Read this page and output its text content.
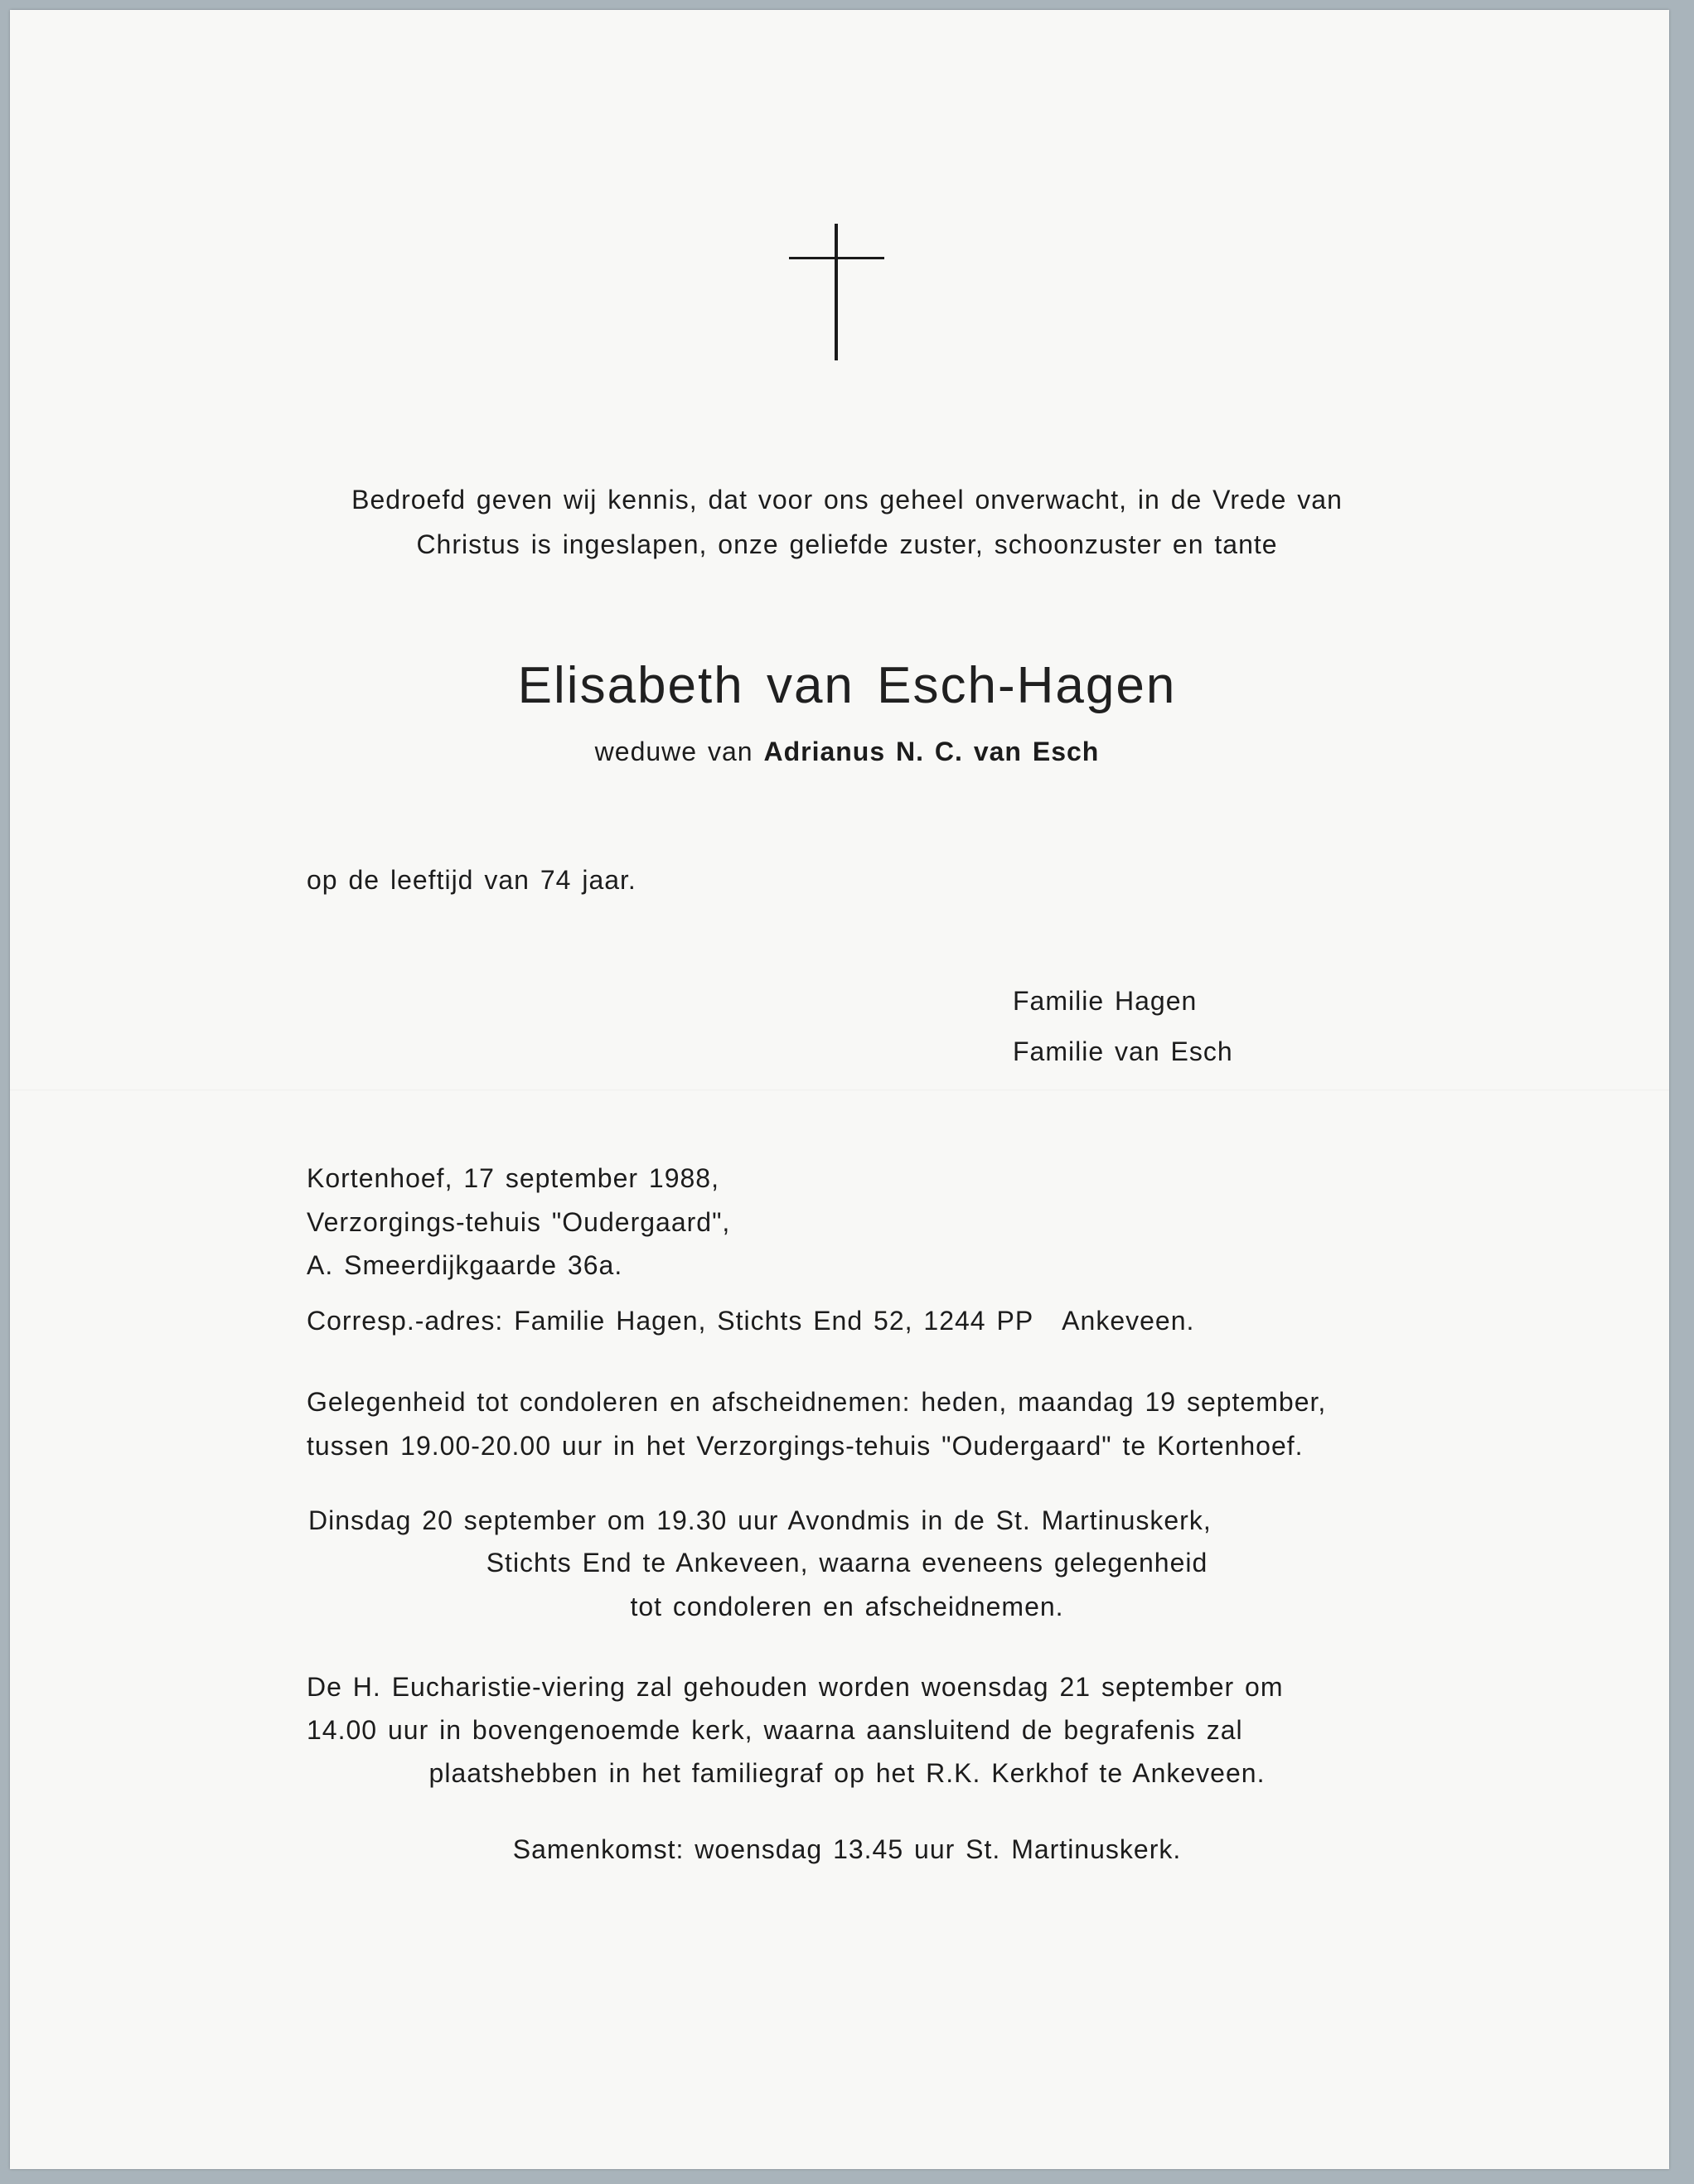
Bedroefd geven wij kennis, dat voor ons geheel onverwacht, in de Vrede van
Christus is ingeslapen, onze geliefde zuster, schoonzuster en tante
Elisabeth van Esch-Hagen
weduwe van Adrianus N. C. van Esch
op de leeftijd van 74 jaar.
Familie Hagen
Familie van Esch
Kortenhoef, 17 september 1988,
Verzorgings-tehuis "Oudergaard",
A. Smeerdijkgaarde 36a.
Corresp.-adres: Familie Hagen, Stichts End 52, 1244 PP Ankeveen.
Gelegenheid tot condoleren en afscheidnemen: heden, maandag 19 september,
tussen 19.00-20.00 uur in het Verzorgings-tehuis "Oudergaard" te Kortenhoef.
Dinsdag 20 september om 19.30 uur Avondmis in de St. Martinuskerk,
Stichts End te Ankeveen, waarna eveneens gelegenheid
tot condoleren en afscheidnemen.
De H. Eucharistie-viering zal gehouden worden woensdag 21 september om
14.00 uur in bovengenoemde kerk, waarna aansluitend de begrafenis zal
plaatshebben in het familiegraf op het R.K. Kerkhof te Ankeveen.
Samenkomst: woensdag 13.45 uur St. Martinuskerk.
